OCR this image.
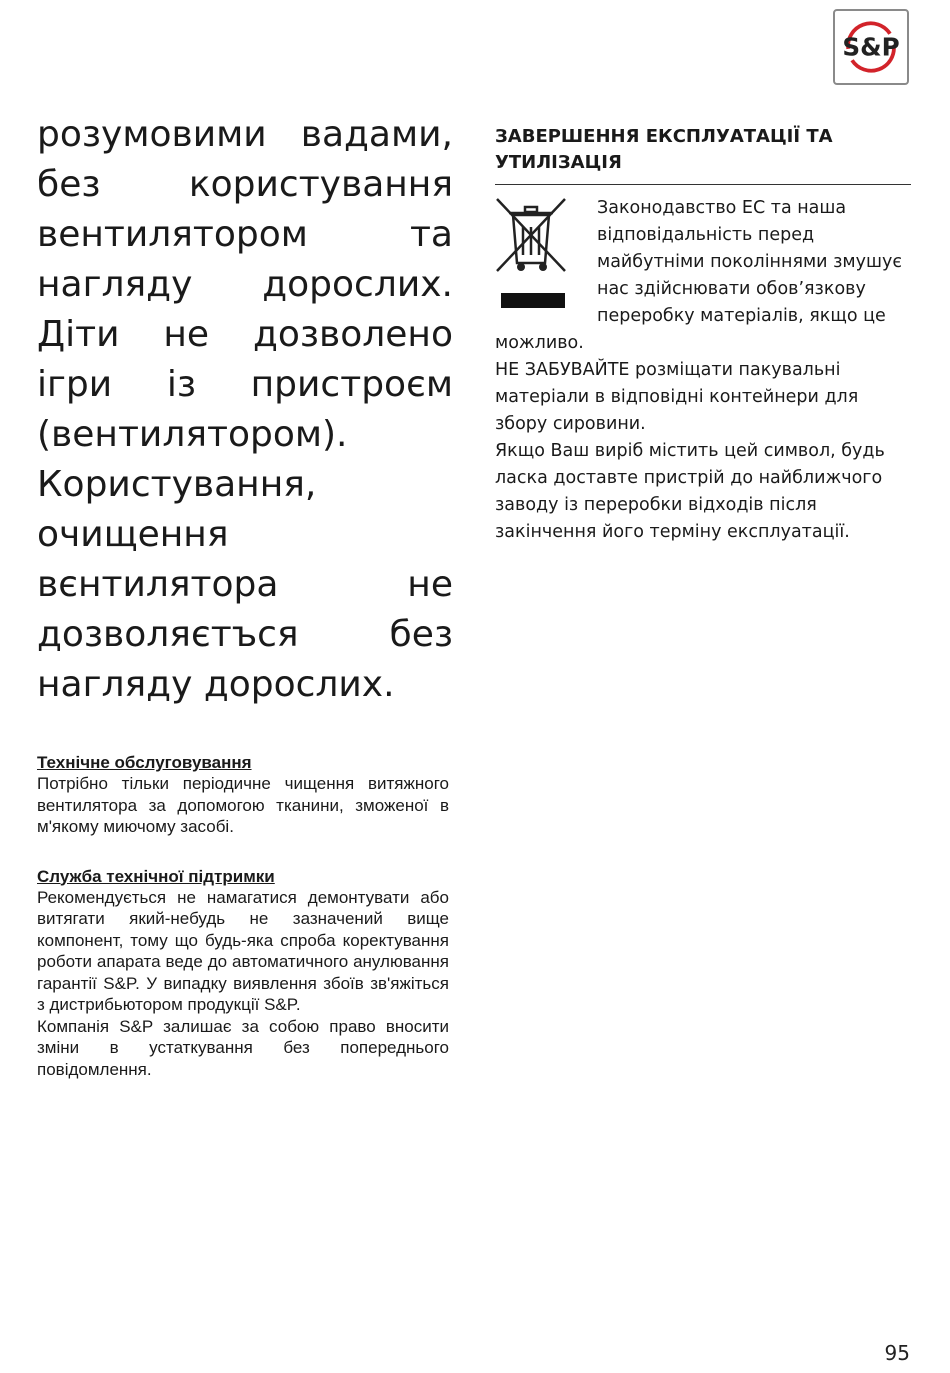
S&P

розумовими вадами, без користування вентилятором та нагляду дорослих. Діти не дозволено ігри із пристроєм (вентилятором). Користування, очищення вєнтилятора не дозволяєтъся без нагляду дорослих.

Технічне обслуговування

Потрібно тільки періодичне чищення витяжного вентилятора за допомогою тканини, зможеної в м'якому миючому засобі.

Служба технічної підтримки

Рекомендується не намагатися демонтувати або витягати який-небудь не зазначений вище компонент, тому що будь-яка спроба коректування роботи апарата веде до автоматичного анулювання гарантії S&P. У випадку виявлення збоїв зв'яжіться з дистрибьютором продукції S&P.

Компанія S&P залишає за собою право вносити зміни в устаткування без попереднього повідомлення.

ЗАВЕРШЕННЯ ЕКСПЛУАТАЦІЇ ТА УТИЛІЗАЦІЯ

Законодавство ЕС та наша відповідальність перед майбутніми поколіннями змушує нас здійснювати обов’язкову переробку матеріалів, якщо це можливо.

НЕ ЗАБУВАЙТЕ розміщати пакувальні матеріали в відповідні контейнери для збору сировини.

Якщо Ваш виріб містить цей символ, будь ласка доставте пристрій до найближчого заводу із переробки відходів після закінчення його терміну експлуатації.

95
